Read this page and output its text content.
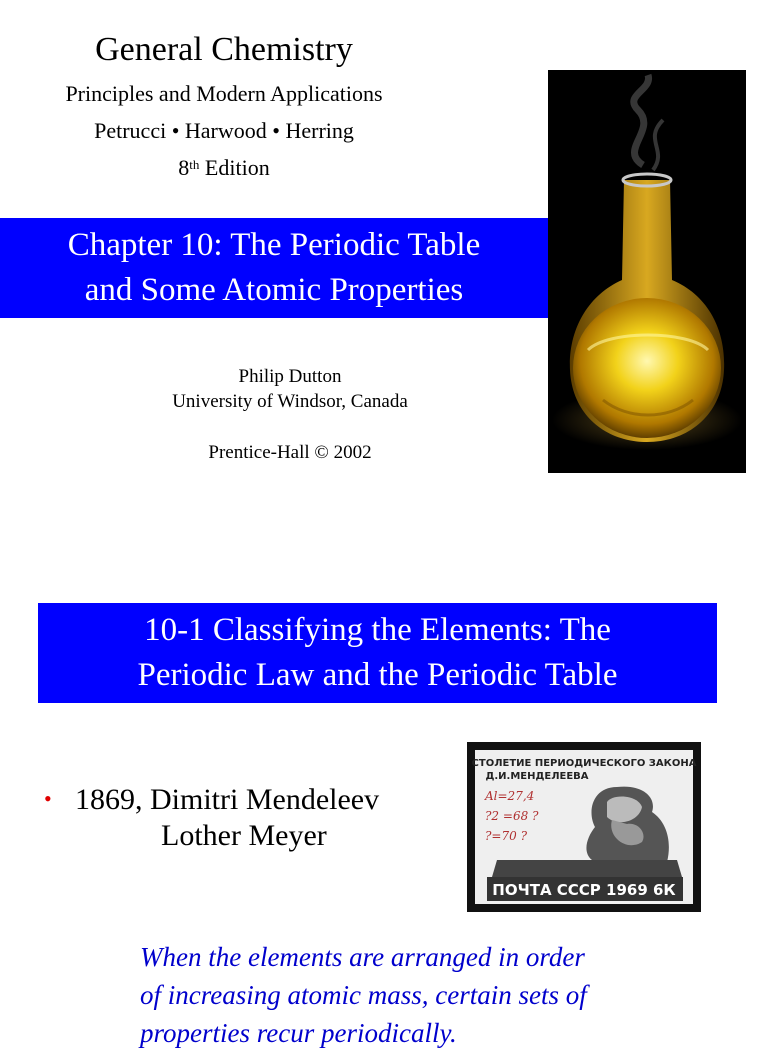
General Chemistry
Principles and Modern Applications
Petrucci • Harwood • Herring
8th Edition
Chapter 10: The Periodic Table
and Some Atomic Properties
Philip Dutton
University of Windsor, Canada
Prentice-Hall © 2002
10-1 Classifying the Elements: The
Periodic Law and the Periodic Table
• 1869, Dimitri Mendeleev
Lother Meyer
СТОЛЕТИЕ ПЕРИОДИЧЕСКОГО ЗАКОНА
Д.И.МЕНДЕЛЕЕВА
Al=27,4
?2 =68 ?
?=70 ?
ПОЧТА СССР 1969 6К
When the elements are arranged in order
of increasing atomic mass, certain sets of
properties recur periodically.
